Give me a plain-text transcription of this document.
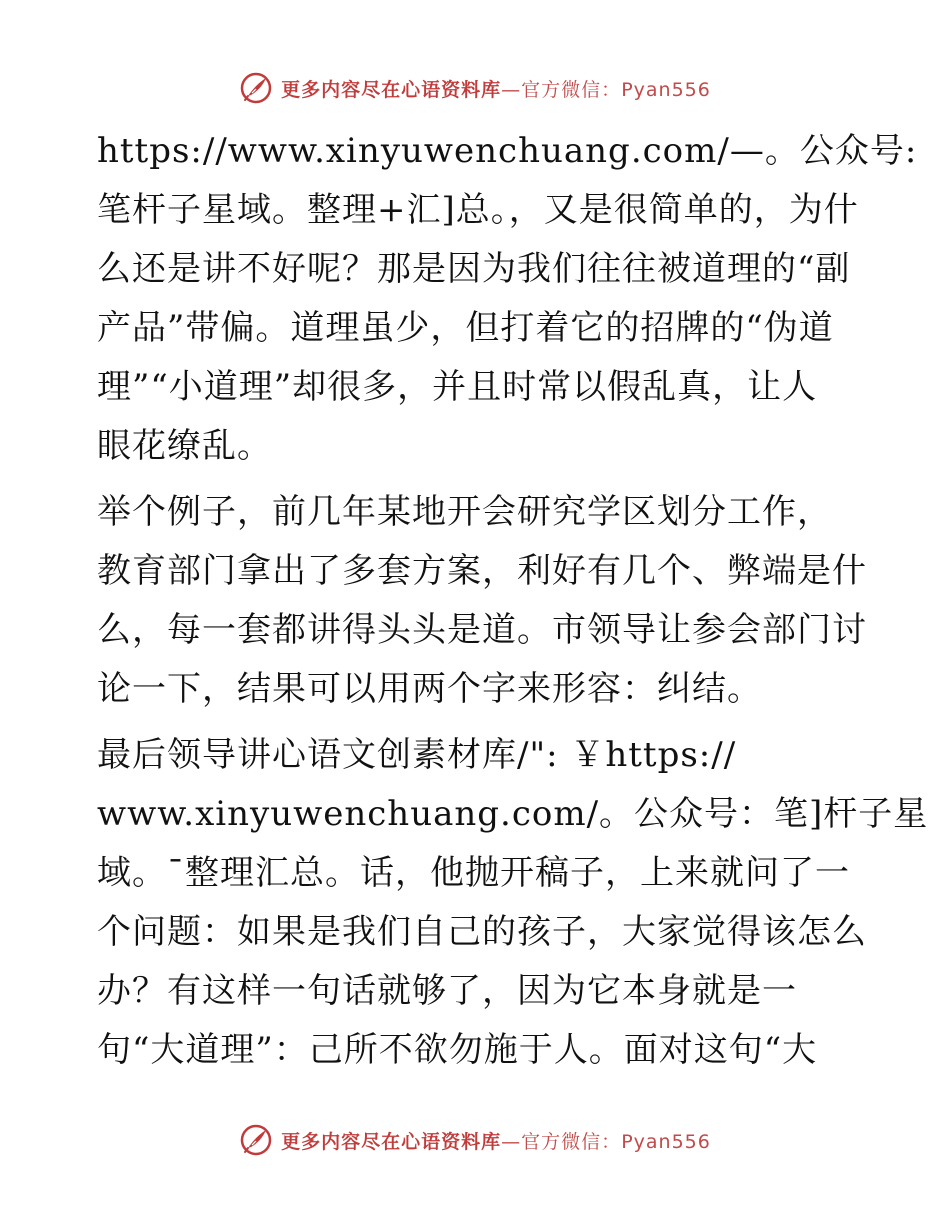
更多内容尽在心语资料库—官方微信：Pyan556
https://www.xinyuwenchuang.com/—。公众号:
笔杆子星域。整理+汇]总。，又是很简单的，为什
么还是讲不好呢？那是因为我们往往被道理的“副
产品”带偏。道理虽少，但打着它的招牌的“伪道
理”“小道理”却很多，并且时常以假乱真，让人
眼花缭乱。
举个例子，前几年某地开会研究学区划分工作，
教育部门拿出了多套方案，利好有几个、弊端是什
么，每一套都讲得头头是道。市领导让参会部门讨
论一下，结果可以用两个字来形容：纠结。
最后领导讲心语文创素材库/": ￥https://
www.xinyuwenchuang.com/。公众号：笔]杆子星
域。¯整理汇总。话，他抛开稿子，上来就问了一
个问题：如果是我们自己的孩子，大家觉得该怎么
办？有这样一句话就够了，因为它本身就是一
句“大道理”：己所不欲勿施于人。面对这句“大
更多内容尽在心语资料库—官方微信：Pyan556
